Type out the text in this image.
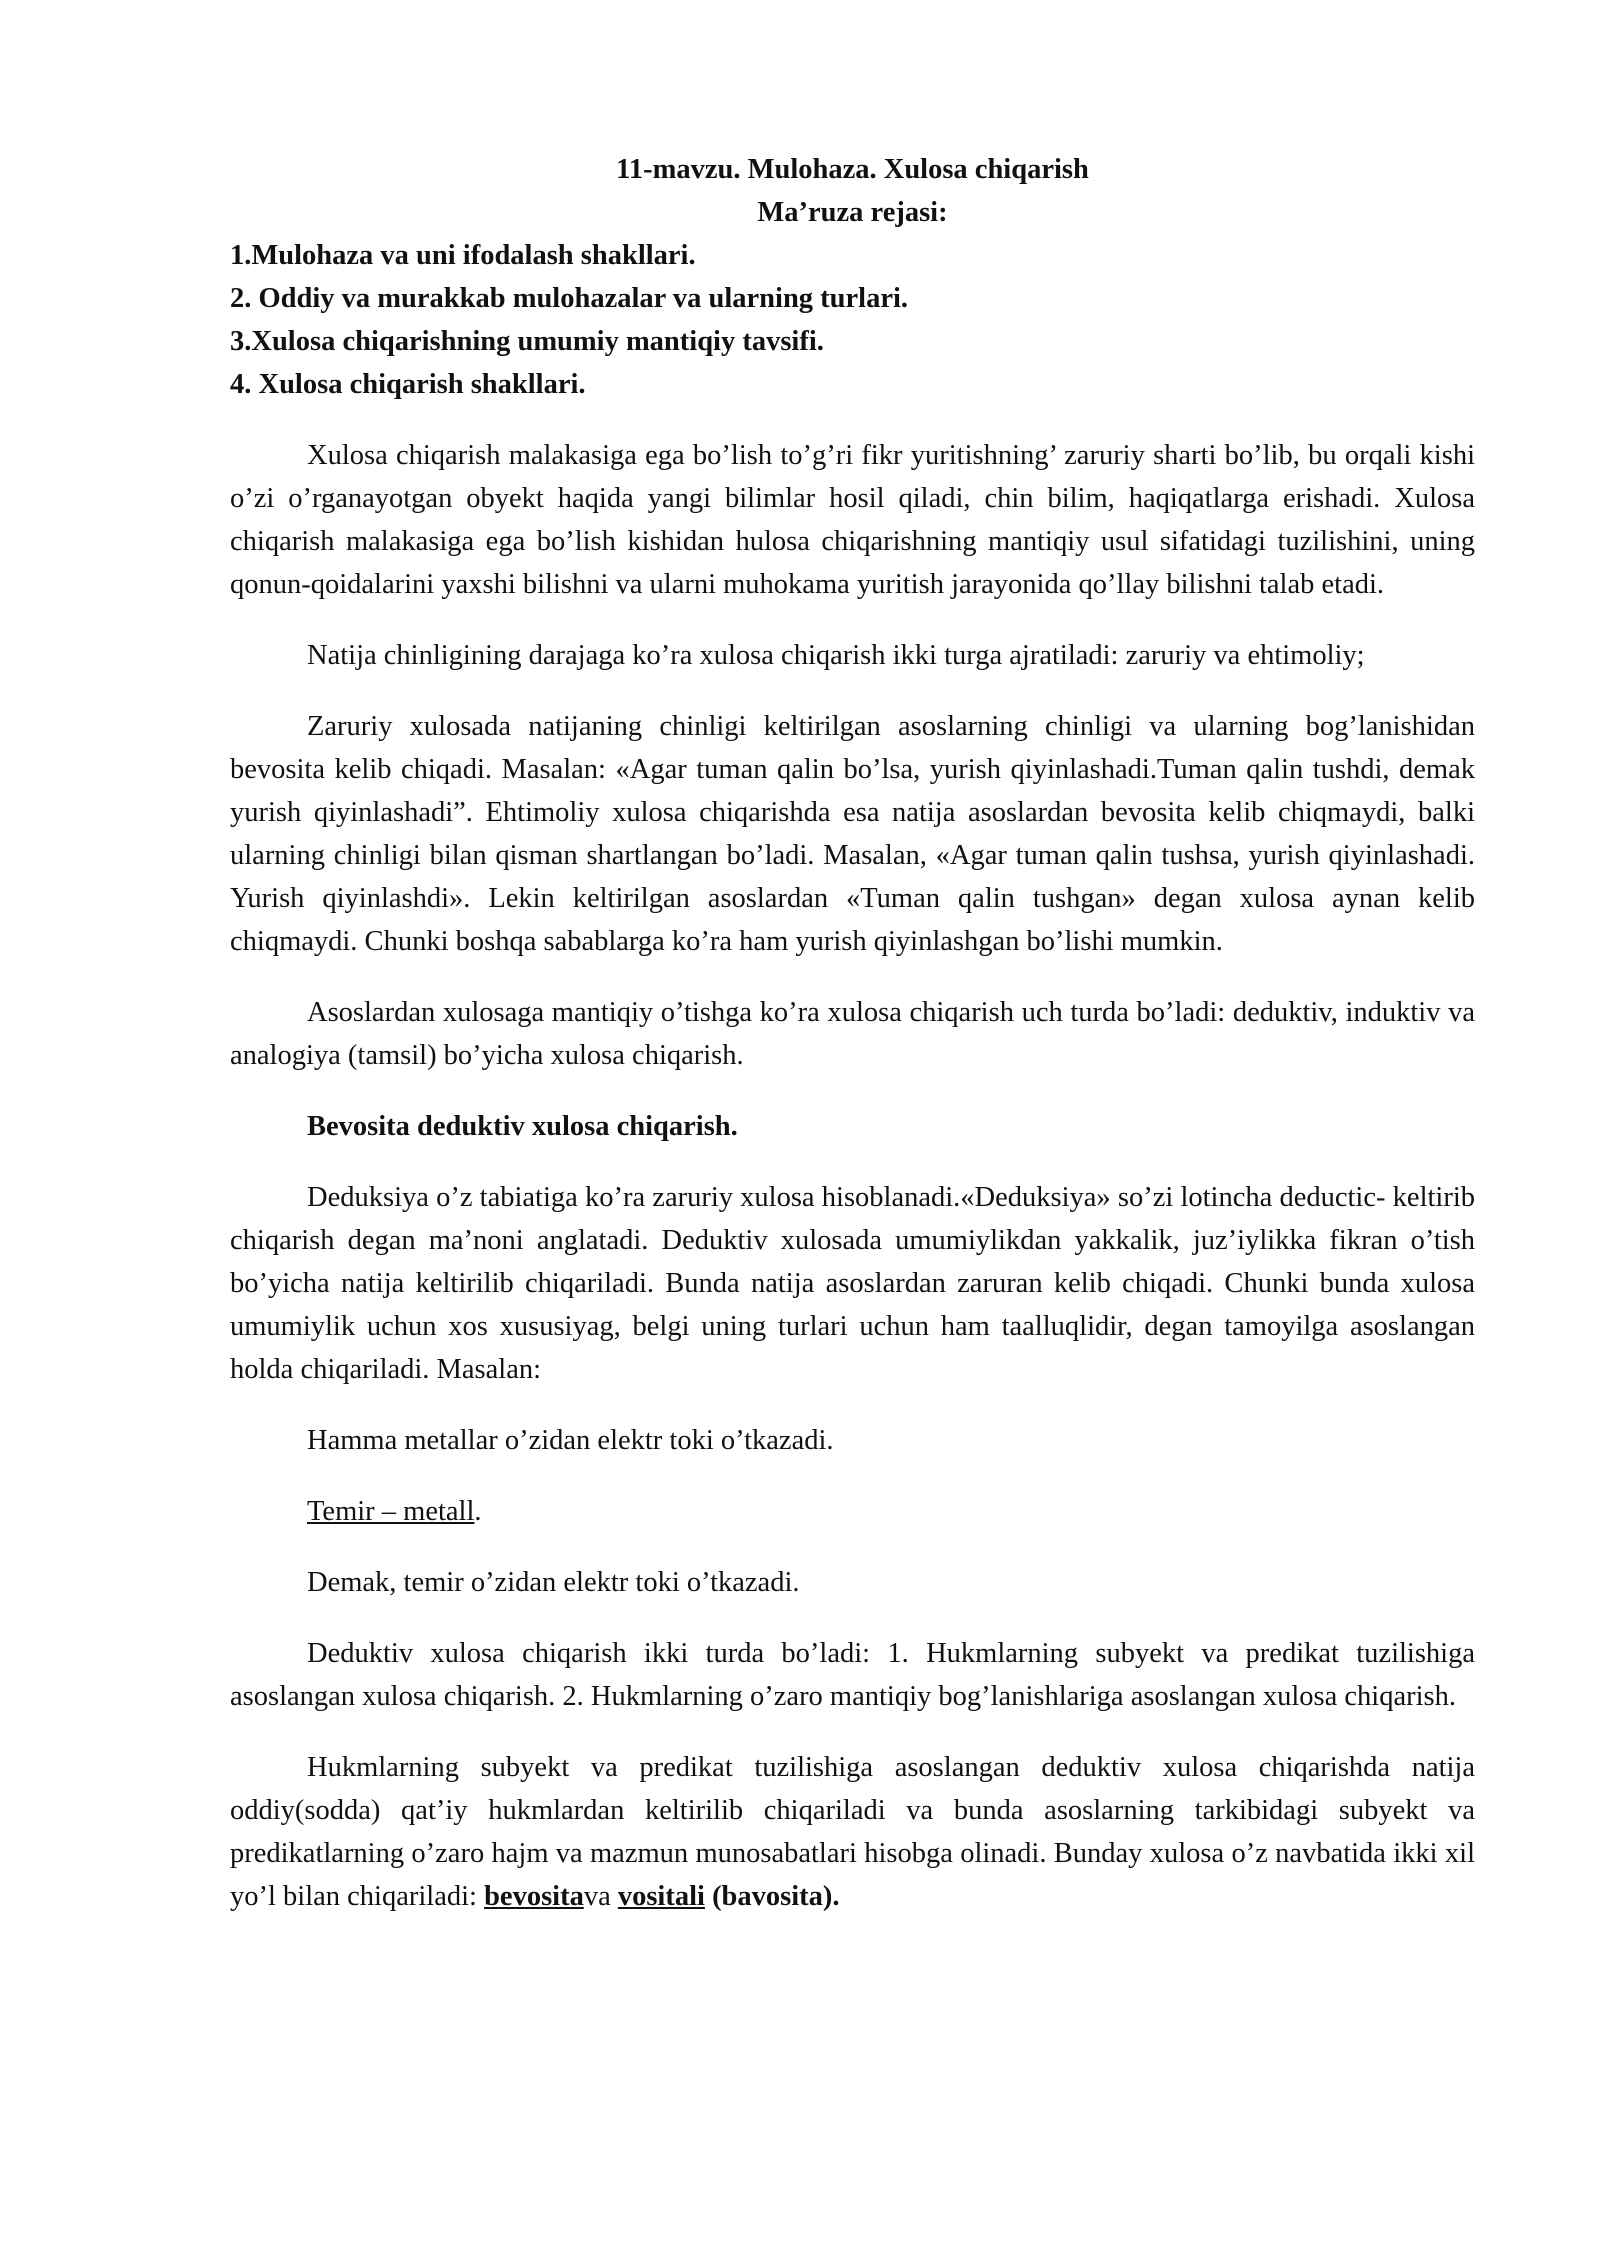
11-mavzu. Mulohaza. Xulosa chiqarish

Ma’ruza rejasi:

1.Mulohaza va uni ifodalash shakllari.

2. Oddiy va murakkab mulohazalar va ularning turlari.

3.Xulosa chiqarishning umumiy mantiqiy tavsifi.

4. Xulosa chiqarish shakllari.

Xulosa chiqarish malakasiga ega bo’lish to’g’ri fikr yuritishning’ zaruriy sharti bo’lib, bu orqali kishi o’zi o’rganayotgan obyekt haqida yangi bilimlar hosil qiladi, chin bilim, haqiqatlarga erishadi. Xulosa chiqarish malakasiga ega bo’lish kishidan hulosa chiqarishning mantiqiy usul sifatidagi tuzilishini, uning qonun-qoidalarini yaxshi bilishni va ularni muhokama yuritish jarayonida qo’llay bilishni talab etadi.

Natija chinligining darajaga ko’ra xulosa chiqarish ikki turga ajratiladi: zaruriy va ehtimoliy;

Zaruriy xulosada natijaning chinligi keltirilgan asoslarning chinligi va ularning bog’lanishidan bevosita kelib chiqadi. Masalan: «Agar tuman qalin bo’lsa, yurish qiyinlashadi.Tuman qalin tushdi, demak yurish qiyinlashadi”. Ehtimoliy xulosa chiqarishda esa natija asoslardan bevosita kelib chiqmaydi, balki ularning chinligi bilan qisman shartlangan bo’ladi. Masalan, «Agar tuman qalin tushsa, yurish qiyinlashadi. Yurish qiyinlashdi». Lekin keltirilgan asoslardan «Tuman qalin tushgan» degan xulosa aynan kelib chiqmaydi. Chunki boshqa sabablarga ko’ra ham yurish qiyinlashgan bo’lishi mumkin.

Asoslardan xulosaga mantiqiy o’tishga ko’ra xulosa chiqarish uch turda bo’ladi: deduktiv, induktiv va analogiya (tamsil) bo’yicha xulosa chiqarish.

Bevosita deduktiv xulosa chiqarish.

Deduksiya o’z tabiatiga ko’ra zaruriy xulosa hisoblanadi.«Deduksiya» so’zi lotincha deductic- keltirib chiqarish degan ma’noni anglatadi. Deduktiv xulosada umumiylikdan yakkalik, juz’iylikka fikran o’tish bo’yicha natija keltirilib chiqariladi. Bunda natija asoslardan zaruran kelib chiqadi. Chunki bunda xulosa umumiylik uchun xos xususiyag, belgi uning turlari uchun ham taalluqlidir, degan tamoyilga asoslangan holda chiqariladi. Masalan:

Hamma metallar o’zidan elektr toki o’tkazadi.

Temir – metall.

Demak, temir o’zidan elektr toki o’tkazadi.

Deduktiv xulosa chiqarish ikki turda bo’ladi: 1. Hukmlarning subyekt va predikat tuzilishiga asoslangan xulosa chiqarish. 2. Hukmlarning o’zaro mantiqiy bog’lanishlariga asoslangan xulosa chiqarish.

Hukmlarning subyekt va predikat tuzilishiga asoslangan deduktiv xulosa chiqarishda natija oddiy(sodda) qat’iy hukmlardan keltirilib chiqariladi va bunda asoslarning tarkibidagi subyekt va predikatlarning o’zaro hajm va mazmun munosabatlari hisobga olinadi. Bunday xulosa o’z navbatida ikki xil yo’l bilan chiqariladi: bevositava vositali (bavosita).
